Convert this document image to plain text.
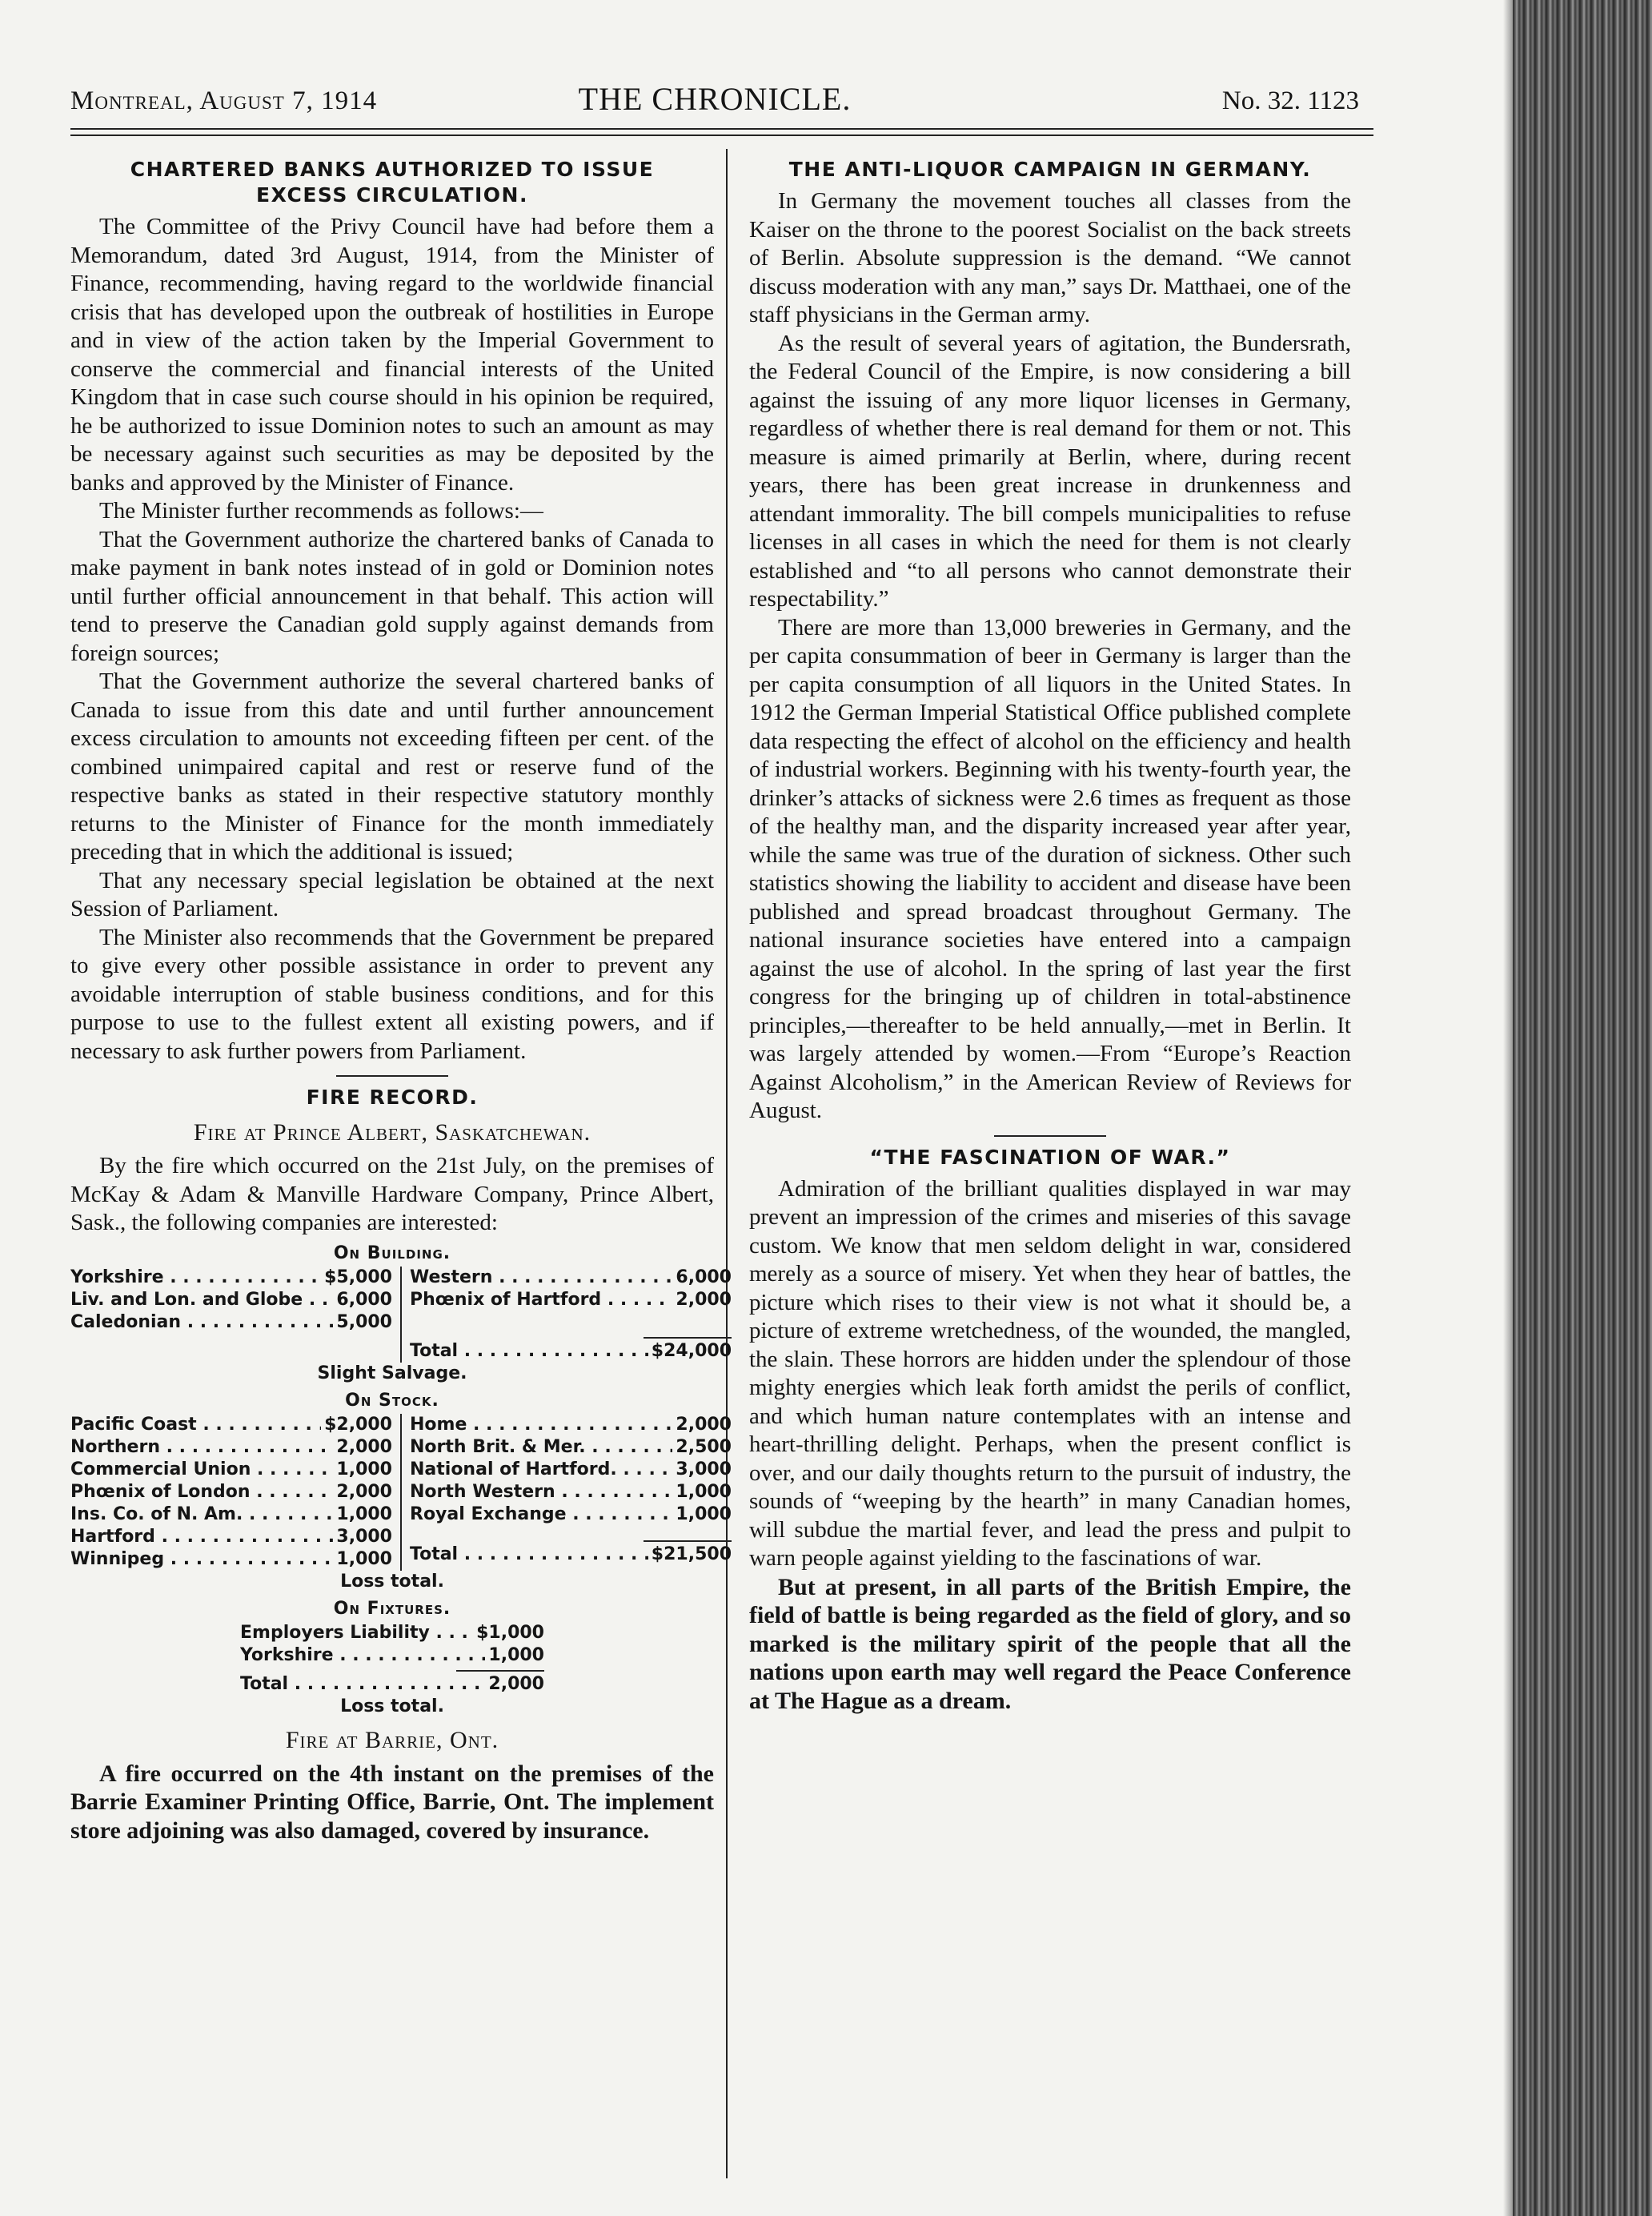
Montreal, August 7, 1914	THE CHRONICLE.	No. 32. 1123
CHARTERED BANKS AUTHORIZED TO ISSUE
EXCESS CIRCULATION.

The Committee of the Privy Council have had before them a Memorandum, dated 3rd August, 1914, from the Minister of Finance, recommending, having regard to the worldwide financial crisis that has developed upon the outbreak of hostilities in Europe and in view of the action taken by the Imperial Government to conserve the commercial and financial interests of the United Kingdom that in case such course should in his opinion be required, he be authorized to issue Dominion notes to such an amount as may be necessary against such securities as may be deposited by the banks and approved by the Minister of Finance.

The Minister further recommends as follows:—

That the Government authorize the chartered banks of Canada to make payment in bank notes instead of in gold or Dominion notes until further official announcement in that behalf. This action will tend to preserve the Canadian gold supply against demands from foreign sources;

That the Government authorize the several chartered banks of Canada to issue from this date and until further announcement excess circulation to amounts not exceeding fifteen per cent. of the combined unimpaired capital and rest or reserve fund of the respective banks as stated in their respective statutory monthly returns to the Minister of Finance for the month immediately preceding that in which the additional is issued;

That any necessary special legislation be obtained at the next Session of Parliament.

The Minister also recommends that the Government be prepared to give every other possible assistance in order to prevent any avoidable interruption of stable business conditions, and for this purpose to use to the fullest extent all existing powers, and if necessary to ask further powers from Parliament.

FIRE RECORD.
Fire at Prince Albert, Saskatchewan.

By the fire which occurred on the 21st July, on the premises of McKay & Adam & Manville Hardware Company, Prince Albert, Sask., the following companies are interested:

On Building.
Yorkshire . . .	$5,000
Liv. and Lon. and Globe . . .	6,000
Caledonian . . .	5,000
Western . . .	6,000
Phœnix of Hartford . . .	2,000
Total . . .	$24,000
Slight Salvage.
On Stock.
Pacific Coast . . .	$2,000
Northern . . .	2,000
Commercial Union . . .	1,000
Phœnix of London . . .	2,000
Ins. Co. of N. Am. . . .	1,000
Hartford . . .	3,000
Winnipeg . . .	1,000
Home . . .	2,000
North Brit. & Mer. . . .	2,500
National of Hartford. . . .	3,000
North Western . . .	1,000
Royal Exchange . . .	1,000
Total . . .	$21,500
Loss total.
On Fixtures.
Employers Liability . . .	$1,000
Yorkshire . . .	1,000
Total . . .	2,000
Loss total.
Fire at Barrie, Ont.

A fire occurred on the 4th instant on the premises of the Barrie Examiner Printing Office, Barrie, Ont. The implement store adjoining was also damaged, covered by insurance.

THE ANTI-LIQUOR CAMPAIGN IN GERMANY.

In Germany the movement touches all classes from the Kaiser on the throne to the poorest Socialist on the back streets of Berlin. Absolute suppression is the demand. “We cannot discuss moderation with any man,” says Dr. Matthaei, one of the staff physicians in the German army.

As the result of several years of agitation, the Bundersrath, the Federal Council of the Empire, is now considering a bill against the issuing of any more liquor licenses in Germany, regardless of whether there is real demand for them or not. This measure is aimed primarily at Berlin, where, during recent years, there has been great increase in drunkenness and attendant immorality. The bill compels municipalities to refuse licenses in all cases in which the need for them is not clearly established and “to all persons who cannot demonstrate their respectability.”

There are more than 13,000 breweries in Germany, and the per capita consummation of beer in Germany is larger than the per capita consumption of all liquors in the United States. In 1912 the German Imperial Statistical Office published complete data respecting the effect of alcohol on the efficiency and health of industrial workers. Beginning with his twenty-fourth year, the drinker’s attacks of sickness were 2.6 times as frequent as those of the healthy man, and the disparity increased year after year, while the same was true of the duration of sickness. Other such statistics showing the liability to accident and disease have been published and spread broadcast throughout Germany. The national insurance societies have entered into a campaign against the use of alcohol. In the spring of last year the first congress for the bringing up of children in total-abstinence principles,—thereafter to be held annually,—met in Berlin. It was largely attended by women.—From “Europe’s Reaction Against Alcoholism,” in the American Review of Reviews for August.

“THE FASCINATION OF WAR.”

Admiration of the brilliant qualities displayed in war may prevent an impression of the crimes and miseries of this savage custom. We know that men seldom delight in war, considered merely as a source of misery. Yet when they hear of battles, the picture which rises to their view is not what it should be, a picture of extreme wretchedness, of the wounded, the mangled, the slain. These horrors are hidden under the splendour of those mighty energies which leak forth amidst the perils of conflict, and which human nature contemplates with an intense and heart-thrilling delight. Perhaps, when the present conflict is over, and our daily thoughts return to the pursuit of industry, the sounds of “weeping by the hearth” in many Canadian homes, will subdue the martial fever, and lead the press and pulpit to warn people against yielding to the fascinations of war.

But at present, in all parts of the British Empire, the field of battle is being regarded as the field of glory, and so marked is the military spirit of the people that all the nations upon earth may well regard the Peace Conference at The Hague as a dream.
